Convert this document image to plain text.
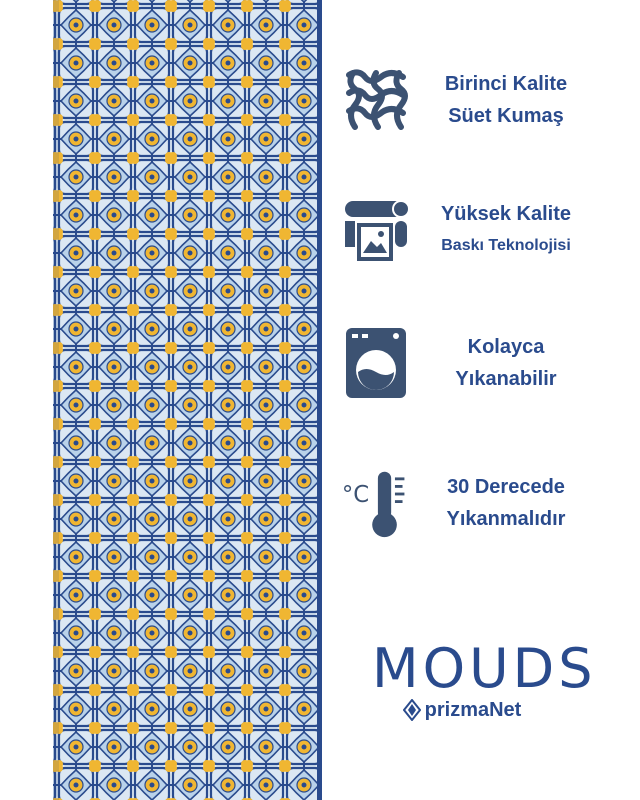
Birinci Kalite
Süet Kumaş
Yüksek Kalite
Baskı Teknolojisi
Kolayca
Yıkanabilir
°C	30 Derecede
Yıkanmalıdır
MOUDS
prizmaNet
